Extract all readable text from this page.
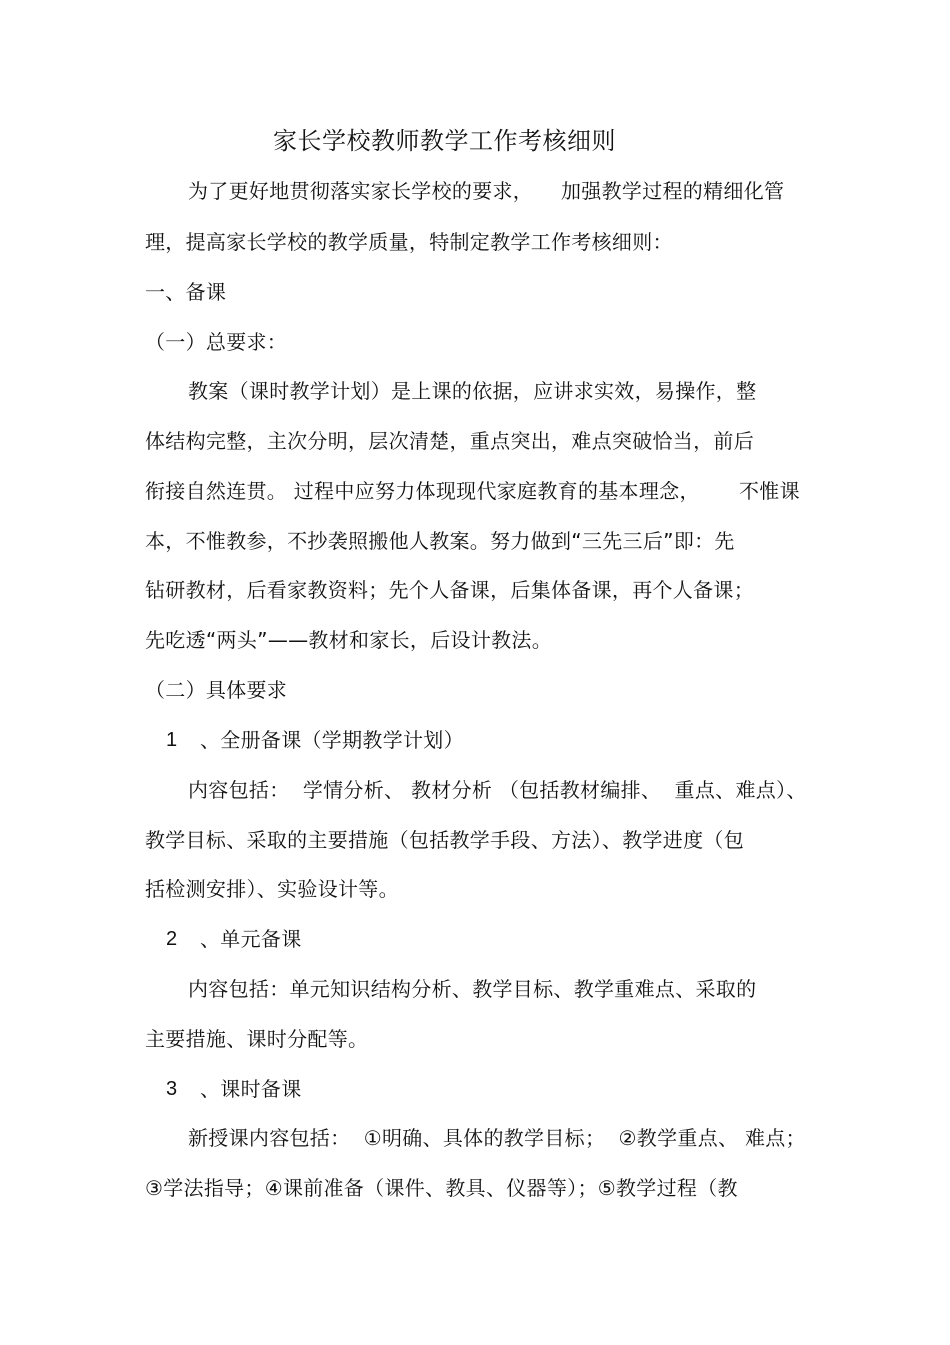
家长学校教师教学工作考核细则
为了更好地贯彻落实家长学校的要求， 加强教学过程的精细化管
理，提高家长学校的教学质量，特制定教学工作考核细则：
一、备课
（一）总要求：
教案（课时教学计划）是上课的依据，应讲求实效，易操作，整
体结构完整，主次分明，层次清楚，重点突出，难点突破恰当，前后
衔接自然连贯。 过程中应努力体现现代家庭教育的基本理念， 不惟课
本，不惟教参，不抄袭照搬他人教案。努力做到“三先三后”即：先
钻研教材，后看家教资料；先个人备课，后集体备课，再个人备课；
先吃透“两头”——教材和家长，后设计教法。
（二）具体要求
1 、全册备课（学期教学计划）
内容包括：  学情分析、 教材分析 （包括教材编排、  重点、难点）、
教学目标、采取的主要措施（包括教学手段、方法）、教学进度（包
括检测安排）、实验设计等。
2 、单元备课
内容包括：单元知识结构分析、教学目标、教学重难点、采取的
主要措施、课时分配等。
3 、课时备课
新授课内容包括：  ①明确、具体的教学目标；  ②教学重点、 难点；
③学法指导；④课前准备（课件、教具、仪器等）；⑤教学过程（教
